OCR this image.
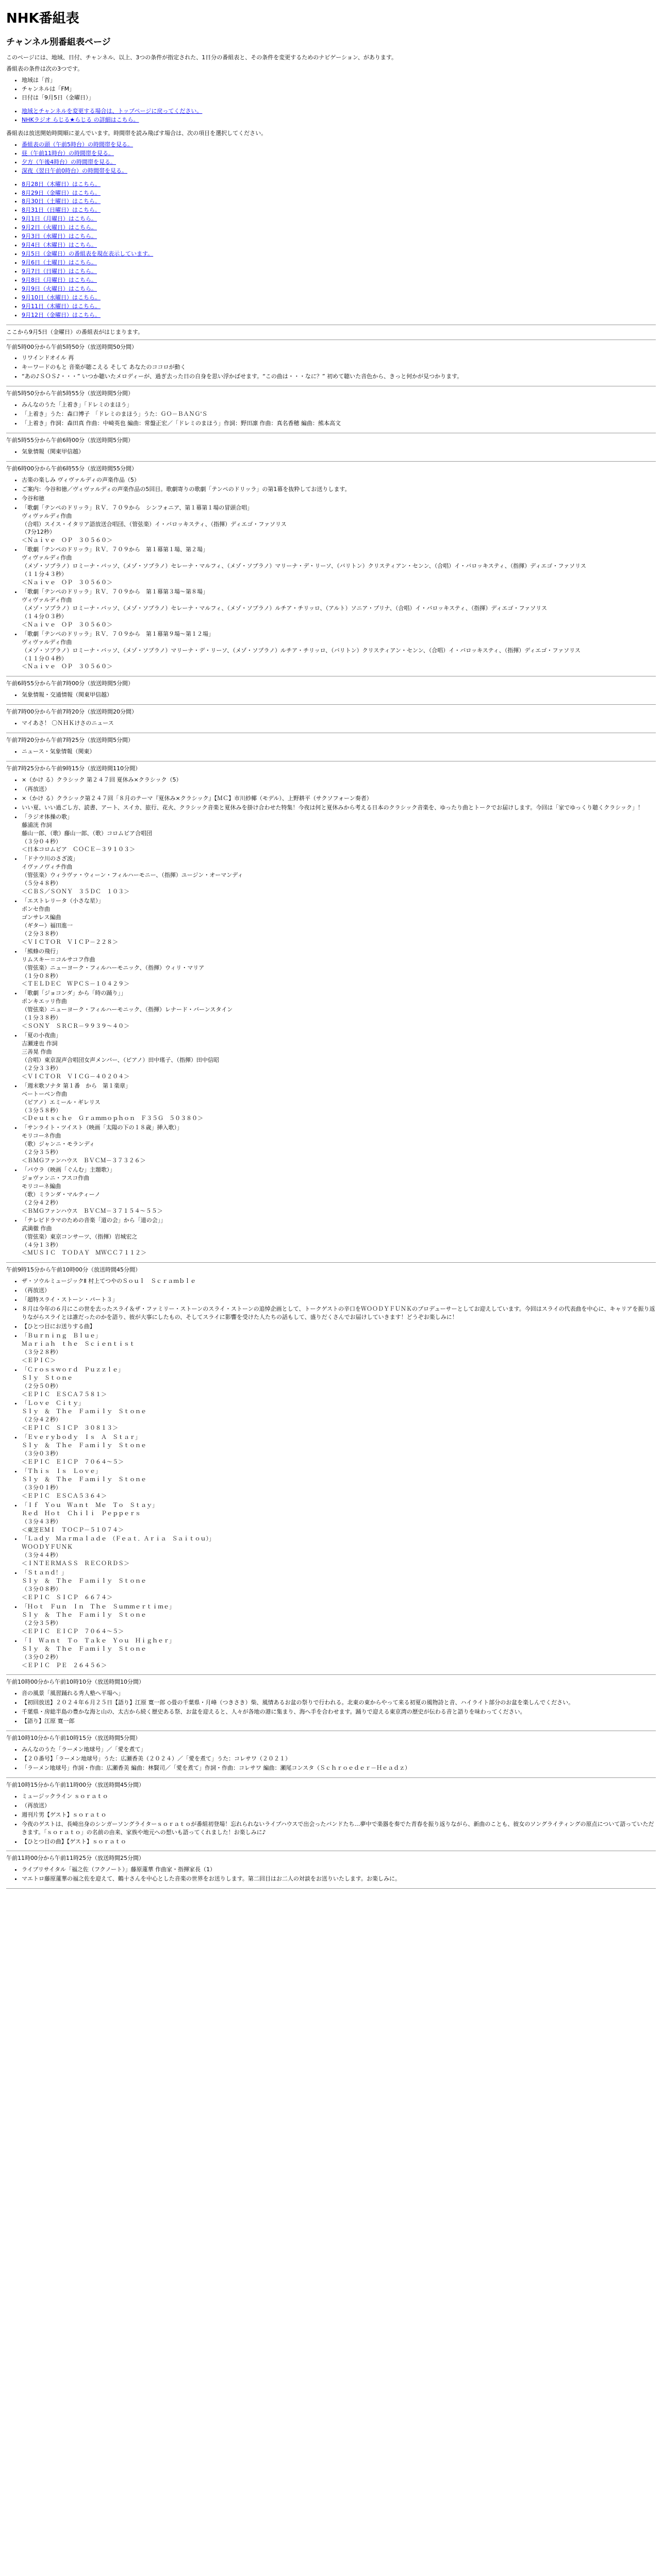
NHK番組表
チャンネル別番組表ページ

このページには、地域、日付、チャンネル、以上、3つの条件が指定された、1日分の番組表と、その条件を変更するためのナビゲーション、があります。

番組表の条件は次の3つです。

• 地域は「首」
• チャンネルは「FM」
• 日付は「9月5日（金曜日）」
• 地域とチャンネルを変更する場合は、トップページに戻ってください。
• NHKラジオ らじる★らじる の詳細はこちら。

番組表は放送開始時間順に並んでいます。時間帯を読み飛ばす場合は、次の項目を選択してください。

• 番組表の頭（午前5時台）の時間帯を見る。
• 昼（午前11時台）の時間帯を見る。
• 夕方（午後4時台）の時間帯を見る。
• 深夜（翌日午前0時台）の時間帯を見る。
• 8月28日（木曜日）はこちら。
• 8月29日（金曜日）はこちら。
• 8月30日（土曜日）はこちら。
• 8月31日（日曜日）はこちら。
• 9月1日（月曜日）はこちら。
• 9月2日（火曜日）はこちら。
• 9月3日（水曜日）はこちら。
• 9月4日（木曜日）はこちら。
• 9月5日（金曜日）の番組表を現在表示しています。
• 9月6日（土曜日）はこちら。
• 9月7日（日曜日）はこちら。
• 9月8日（月曜日）はこちら。
• 9月9日（火曜日）はこちら。
• 9月10日（水曜日）はこちら。
• 9月11日（木曜日）はこちら。
• 9月12日（金曜日）はこちら。

ここから9月5日（金曜日）の番組表がはじまります。

午前5時00分から午前5時50分（放送時間50分間）

• リワインドオイル 再
• キーワードのもと 音楽が聴こえる そして あなたのココロが動く
• “あの♪ＳＯＳ♪・・・” いつか聴いたメロディーが、過ぎ去った日の自身を思い浮かばせます。“この曲は・・・なに？” 初めて聴いた音色から、きっと何かが見つかります。

午前5時50分から午前5時55分（放送時間5分間）

• みんなのうた「上着き」「ドレミのまほう」
• 「上着き」うた：森口博子　「ドレミのまほう」うた：ＧＯ－ＢＡＮＧ'Ｓ
• 「上着き」作詞：森田真 作曲：中崎英也 編曲：常盤正宏／「ドレミのまほう」作詞：野田凛 作曲：真名香穂 編曲：熊本高文

午前5時55分から午前6時00分（放送時間5分間）

• 気象情報（関東甲信越）

午前6時00分から午前6時55分（放送時間55分間）

• 古楽の楽しみ ヴィヴァルディの声楽作品（5）
• ご案内：今谷和徳／ヴィヴァルディの声楽作品の5回目。歌劇寄りの歌劇「テンペのドリッラ」の第1幕を抜粋してお送りします。
• 今谷和徳
• 「歌劇「テンペのドリッラ」ＲＶ．７０９から　シンフォニア、第１幕第１場の冒頭合唱」
ヴィヴァルディ作曲
（合唱）スイス・イタリア語放送合唱団、（管弦楽）イ・バロッキスティ、（指揮）ディエゴ・ファソリス
（7分12秒）
＜Ｎａｉｖｅ　ＯＰ　３０５６０＞
• 「歌劇「テンペのドリッラ」ＲＶ．７０９から　第１幕第１場、第２場」
ヴィヴァルディ作曲
（メゾ・ソプラノ）ロミーナ・バッソ、（メゾ・ソプラノ）セレーナ・マルフィ、（メゾ・ソプラノ）マリーナ・デ・リーソ、（バリトン）クリスティアン・センン、（合唱）イ・バロッキスティ、（指揮）ディエゴ・ファソリス
（１１分４３秒）
＜Ｎａｉｖｅ　ＯＰ　３０５６０＞
• 「歌劇「テンペのドリッラ」ＲＶ．７０９から　第１幕第３場～第８場」
ヴィヴァルディ作曲
（メゾ・ソプラノ）ロミーナ・バッソ、（メゾ・ソプラノ）セレーナ・マルフィ、（メゾ・ソプラノ）ルチア・チリッロ、（アルト）ソニア・プリナ、（合唱）イ・バロッキスティ、（指揮）ディエゴ・ファソリス
（１４分０３秒）
＜Ｎａｉｖｅ　ＯＰ　３０５６０＞
• 「歌劇「テンペのドリッラ」ＲＶ．７０９から　第１幕第９場～第１２場」
ヴィヴァルディ作曲
（メゾ・ソプラノ）ロミーナ・バッソ、（メゾ・ソプラノ）マリーナ・デ・リーソ、（メゾ・ソプラノ）ルチア・チリッロ、（バリトン）クリスティアン・センン、（合唱）イ・バロッキスティ、（指揮）ディエゴ・ファソリス
（１１分０４秒）
＜Ｎａｉｖｅ　ＯＰ　３０５６０＞

午前6時55分から午前7時00分（放送時間5分間）

• 気象情報・交通情報（関東甲信越）

午前7時00分から午前7時20分（放送時間20分間）

• マイあさ！ 〇ＮＨＫけさのニュース

午前7時20分から午前7時25分（放送時間5分間）

• ニュース・気象情報（関東）

午前7時25分から午前9時15分（放送時間110分間）

• ×（かけ る）クラシック 第２４７回 夏休み×クラシック（5）
• （再放送）
• ×（かけ る）クラシック第２４７回「８月のテーマ『夏休み×クラシック』【ＭＣ】市川紗椰（モデル）、上野耕平（サクソフォーン奏者）
• いい夏、いい過ごし方、読書、アート、スイカ、旅行、花火、クラシック音楽と夏休みを掛け合わせた特集！今夜は何と夏休みから考える日本のクラシック音楽を、ゆったり曲とトークでお届けします。今回は「家でゆっくり聴くクラシック」！
• 「ラジオ体操の歌」
藤浦洸 作詞
藤山一郎、（歌）藤山一郎、（歌）コロムビア合唱団
（３分０４秒）
＜日本コロムビア　ＣＯＣＥ－３９１０３＞
• 「ドナウ川のさざ波」
イヴァノヴィチ作曲
（管弦楽）ウィラヴァ・ウィーン・フィルハーモニー、（指揮）ユージン・オーマンディ
（５分４８秒）
＜ＣＢＳ／ＳＯＮＹ　３５ＤＣ　１０３＞
• 「エストレリータ（小さな星）」
ポンセ作曲
ゴンサレス編曲
（ギター）福田進一
（２分３８秒）
＜ＶＩＣＴＯＲ　ＶＩＣＰ－２２８＞
• 「熊蜂の飛行」
リムスキー＝コルサコフ作曲
（管弦楽）ニューヨーク・フィルハーモニック、（指揮）ウィリ・マリア
（１分０８秒）
＜ＴＥＬＤＥＣ　ＷＰＣＳ－１０４２９＞
• 「歌劇「ジョコンダ」から「時の踊り」」
ポンキエッリ作曲
（管弦楽）ニューヨーク・フィルハーモニック、（指揮）レナード・バーンスタイン
（１分３８秒）
＜ＳＯＮＹ　ＳＲＣＲ－９９３９～４０＞
• 「夏の小夜曲」
吉瀬達也 作詞
三善晃 作曲
（合唱）東京混声合唱団女声メンバー、（ピアノ）田中瑤子、（指揮）田中信昭
（２分３３秒）
＜ＶＩＣＴＯＲ　ＶＩＣＧ－４０２０４＞
• 「週末歌ソナタ 第１番　から　第１楽章」
ベートーベン作曲
（ピアノ）エミール・ギレリス
（３分５８秒）
＜Ｄｅｕｔｓｃｈｅ　Ｇｒａｍｍｏｐｈｏｎ　Ｆ３５Ｇ　５０３８０＞
• 「サンライト・ツイスト（映画「太陽の下の１８歳」挿入歌）」
モリコーネ作曲
（歌）ジャンニ・モランディ
（２分３５秒）
＜ＢＭＧファンハウス　ＢＶＣＭ－３７３２６＞
• 「パウラ（映画「ぐんむ」主題歌）」
ジョヴァンニ・フスコ作曲
モリコーネ編曲
（歌）ミランダ・マルティーノ
（２分４２秒）
＜ＢＭＧファンハウス　ＢＶＣＭ－３７１５４～５５＞
• 「テレビドラマのための音楽「道の会」から「道の会」」
武満徹 作曲
（管弦楽）東京コンサーツ、（指揮）岩城宏之
（４分１３秒）
＜ＭＵＳＩＣ　ＴＯＤＡＹ　ＭＷＣＣ７１１２＞

午前9時15分から午前10時00分（放送時間45分間）

• ザ・ソウルミュージックⅡ 村上てつやのＳｏｕｌ　Ｓｃｒａｍｂｌｅ
• （再放送）
• 「超特スライ・ストーン・パート３」
• ８月は今年の６月にこの世を去ったスライ＆ザ・ファミリー・ストーンのスライ・ストーンの追悼企画として、トークゲストの辛口をＷＯＯＤＹＦＵＮＫのプロデューサーとしてお迎えしています。今回はスライの代表曲を中心に、キャリアを振り返りながらスライとは誰だったのかを語り、彼が大事にしたもの、そしてスライに影響を受けた人たちの話もして、盛りだくさんでお届けしていきます！どうぞお楽しみに！
• 【ひとつ目にお送りする曲】
• 「Ｂｕｒｎｉｎｇ　Ｂｌｕｅ」
Ｍａｒｉａｈ　ｔｈｅ　Ｓｃｉｅｎｔｉｓｔ
（３分２８秒）
＜ＥＰＩＣ＞
• 「Ｃｒｏｓｓｗｏｒｄ　Ｐｕｚｚｌｅ」
Ｓｌｙ　Ｓｔｏｎｅ
（２分５０秒）
＜ＥＰＩＣ　ＥＳＣＡ７５８１＞
• 「Ｌｏｖｅ　Ｃｉｔｙ」
Ｓｌｙ　＆　Ｔｈｅ　Ｆａｍｉｌｙ　Ｓｔｏｎｅ
（２分４２秒）
＜ＥＰＩＣ　ＳＩＣＰ　３０８１３＞
• 「Ｅｖｅｒｙｂｏｄｙ　Ｉｓ　Ａ　Ｓｔａｒ」
Ｓｌｙ　＆　Ｔｈｅ　Ｆａｍｉｌｙ　Ｓｔｏｎｅ
（３分０３秒）
＜ＥＰＩＣ　ＥＩＣＰ　７０６４～５＞
• 「Ｔｈｉｓ　Ｉｓ　Ｌｏｖｅ」
Ｓｌｙ　＆　Ｔｈｅ　Ｆａｍｉｌｙ　Ｓｔｏｎｅ
（３分０１秒）
＜ＥＰＩＣ　ＥＳＣＡ５３６４＞
• 「Ｉｆ　Ｙｏｕ　Ｗａｎｔ　Ｍｅ　Ｔｏ　Ｓｔａｙ」
Ｒｅｄ　Ｈｏｔ　Ｃｈｉｌｉ　Ｐｅｐｐｅｒｓ
（３分４３秒）
＜東芝ＥＭＩ　ＴＯＣＰ－５１０７４＞
• 「Ｌａｄｙ　Ｍａｒｍａｌａｄｅ　（Ｆｅａｔ．Ａｒｉａ　Ｓａｉｔｏｕ）」
ＷＯＯＤＹＦＵＮＫ
（３分４４秒）
＜ＩＮＴＥＲＭＡＳＳ　ＲＥＣＯＲＤＳ＞
• 「Ｓｔａｎｄ！」
Ｓｌｙ　＆　Ｔｈｅ　Ｆａｍｉｌｙ　Ｓｔｏｎｅ
（３分０８秒）
＜ＥＰＩＣ　ＳＩＣＰ　６６７４＞
• 「Ｈｏｔ　Ｆｕｎ　Ｉｎ　Ｔｈｅ　Ｓｕｍｍｅｒｔｉｍｅ」
Ｓｌｙ　＆　Ｔｈｅ　Ｆａｍｉｌｙ　Ｓｔｏｎｅ
（２分３５秒）
＜ＥＰＩＣ　ＥＩＣＰ　７０６４～５＞
• 「Ｉ　Ｗａｎｔ　Ｔｏ　Ｔａｋｅ　Ｙｏｕ　Ｈｉｇｈｅｒ」
Ｓｌｙ　＆　Ｔｈｅ　Ｆａｍｉｌｙ　Ｓｔｏｎｅ
（３分０２秒）
＜ＥＰＩＣ　ＰＥ　２６４５６＞

午前10時00分から午前10時10分（放送時間10分間）

• 音の風景「風習踊れる秀人塾へ平場へ」
• 【初回放送】２０２４年６月２５日【語り】江原 寛一郎 ◇畳の千葉県・月峰（つきさき）柴、風情あるお盆の祭りで行われる。北東の東からやって来る初夏の風物詩と音、ハイライト部分のお盆を楽しんでください。
• 千葉県・房総半島の豊かな海と山の、太古から続く歴史ある祭、お盆を迎えると、人々が各地の港に集まり、海へ手を合わせます。踊りで迎える東京湾の歴史が伝わる音と語りを味わってください。
• 【語り】江原 寛一郎

午前10時10分から午前10時15分（放送時間5分間）

• みんなのうた「ラーメン地球号」／「愛を煮て」
• 【２０番号】「ラーメン地球号」うた：広瀬香美（２０２４）／「愛を煮て」うた：コレサワ（２０２１）
• 「ラーメン地球号」作詞・作曲：広瀬香美 編曲：林賢司／「愛を煮て」作詞・作曲：コレサワ 編曲：瀬尾コンスタ（Ｓｃｈｒｏｅｄｅｒ－Ｈｅａｄｚ）

午前10時15分から午前11時00分（放送時間45分間）

• ミュージックライン ｓｏｒａｔｏ
• （再放送）
• 週刊片男【ゲスト】ｓｏｒａｔｏ
• 今夜のゲストは、長崎出身のシンガーソングライターｓｏｒａｔｏが番組初登場！忘れられないライブハウスで出会ったバンドたち…夢中で楽器を奏でた青春を振り返りながら、新曲のことも、彼女のソングライティングの原点について語っていただきます。「ｓｏｒａｔｏ」の名前の由来、家族や地元への想いも語ってくれました！お楽しみに♪
• 【ひとつ目の曲】【ゲスト】ｓｏｒａｔｏ

午前11時00分から午前11時25分（放送時間25分間）

• ライブリサイタル「福之佐（フクノート）」藤原蓮華 作曲家・指揮家長（1）
• マエトロ藤原蓮華の福之佐を迎えて、鶴十さんを中心とした音楽の世界をお送りします。第二回目はお二人の対談をお送りいたします。お楽しみに。
